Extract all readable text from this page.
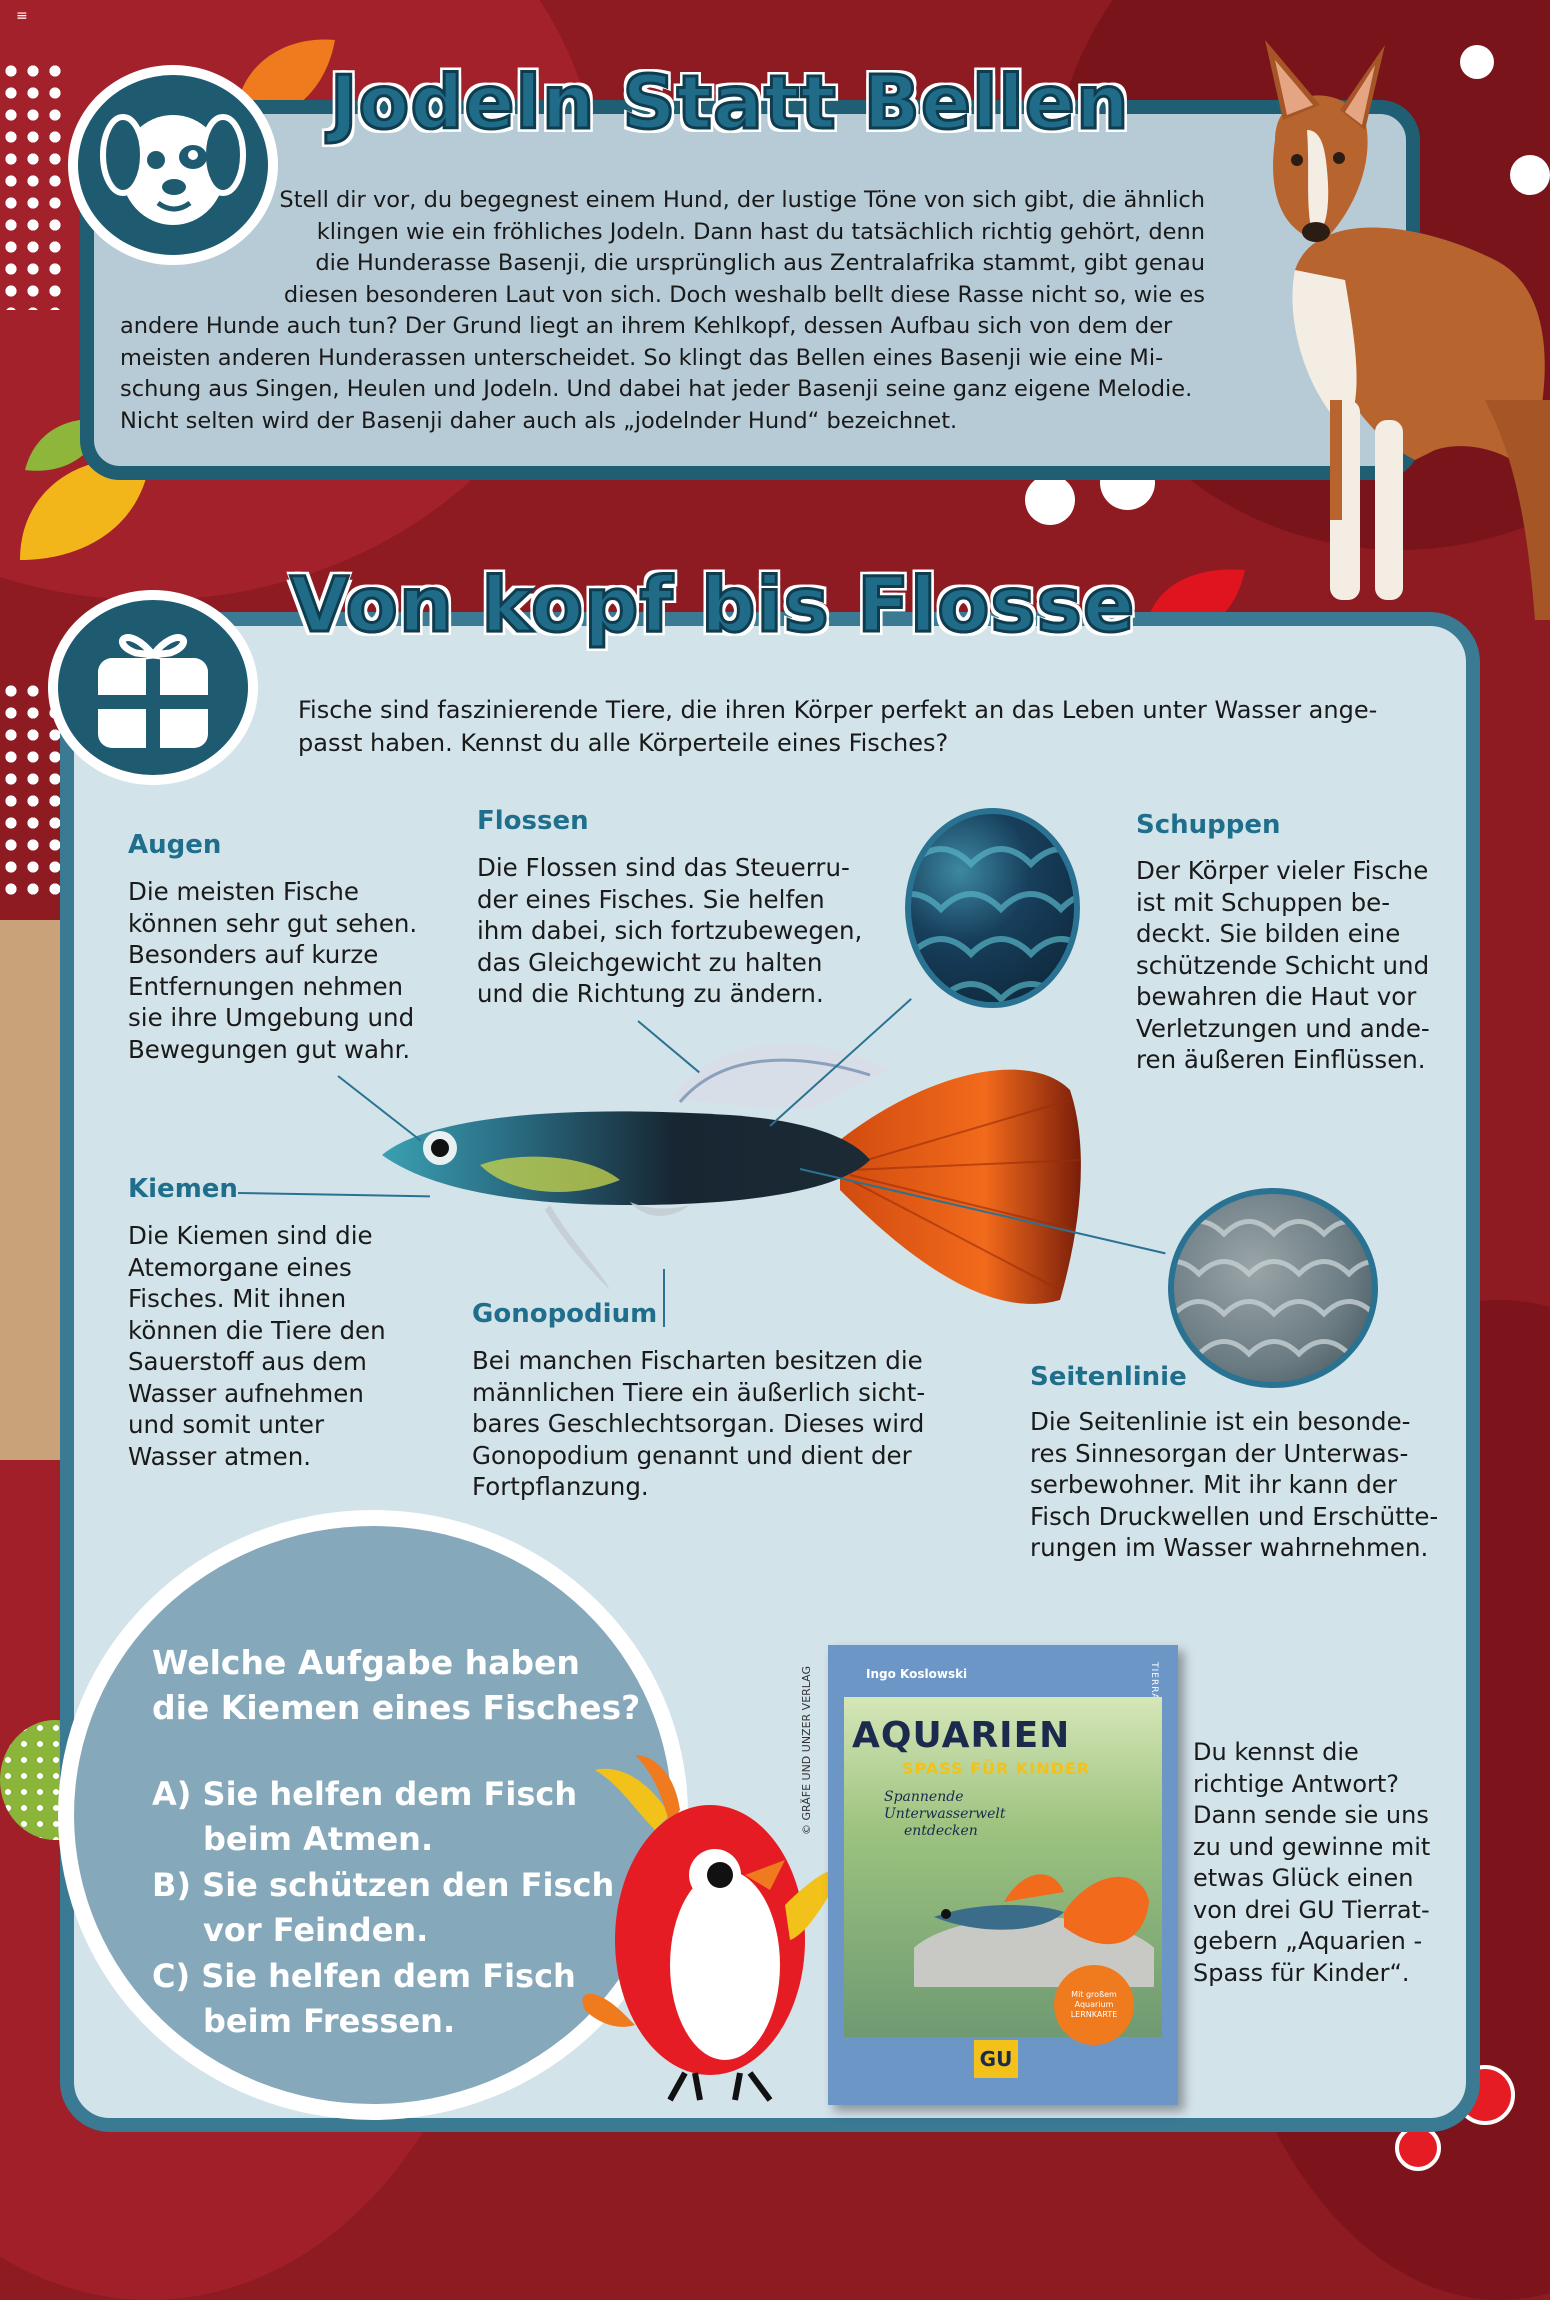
≡
Jodeln Statt Bellen
Stell dir vor, du begegnest einem Hund, der lustige Töne von sich gibt, die ähnlich
klingen wie ein fröhliches Jodeln. Dann hast du tatsächlich richtig gehört, denn
die Hunderasse Basenji, die ursprünglich aus Zentralafrika stammt, gibt genau
diesen besonderen Laut von sich. Doch weshalb bellt diese Rasse nicht so, wie es
andere Hunde auch tun? Der Grund liegt an ihrem Kehlkopf, dessen Aufbau sich von dem der
meisten anderen Hunderassen unterscheidet. So klingt das Bellen eines Basenji wie eine Mi-
schung aus Singen, Heulen und Jodeln. Und dabei hat jeder Basenji seine ganz eigene Melodie.
Nicht selten wird der Basenji daher auch als „jodelnder Hund“ bezeichnet.
Von kopf bis Flosse
Fische sind faszinierende Tiere, die ihren Körper perfekt an das Leben unter Wasser ange-
passt haben. Kennst du alle Körperteile eines Fisches?
Augen
Die meisten Fische
können sehr gut sehen.
Besonders auf kurze
Entfernungen nehmen
sie ihre Umgebung und
Bewegungen gut wahr.
Flossen
Die Flossen sind das Steuerru-
der eines Fisches. Sie helfen
ihm dabei, sich fortzubewegen,
das Gleichgewicht zu halten
und die Richtung zu ändern.
Schuppen
Der Körper vieler Fische
ist mit Schuppen be-
deckt. Sie bilden eine
schützende Schicht und
bewahren die Haut vor
Verletzungen und ande-
ren äußeren Einflüssen.
Kiemen
Die Kiemen sind die
Atemorgane eines
Fisches. Mit ihnen
können die Tiere den
Sauerstoff aus dem
Wasser aufnehmen
und somit unter
Wasser atmen.
Gonopodium
Bei manchen Fischarten besitzen die
männlichen Tiere ein äußerlich sicht-
bares Geschlechtsorgan. Dieses wird
Gonopodium genannt und dient der
Fortpflanzung.
Seitenlinie
Die Seitenlinie ist ein besonde-
res Sinnesorgan der Unterwas-
serbewohner. Mit ihr kann der
Fisch Druckwellen und Erschütte-
rungen im Wasser wahrnehmen.
Welche Aufgabe haben
die Kiemen eines Fisches?
A) Sie helfen dem Fisch
beim Atmen.
B) Sie schützen den Fisch
vor Feinden.
C) Sie helfen dem Fisch
beim Fressen.
© GRÄFE UND UNZER VERLAG	Ingo Koslowski
AQUARIEN
SPASS FÜR KINDER
Spannende
Unterwasserwelt
entdecken
Mit großem
Aquarium
LERNKARTE
GU
Du kennst die
richtige Antwort?
Dann sende sie uns
zu und gewinne mit
etwas Glück einen
von drei GU Tierrat-
gebern „Aquarien -
Spass für Kinder“.
